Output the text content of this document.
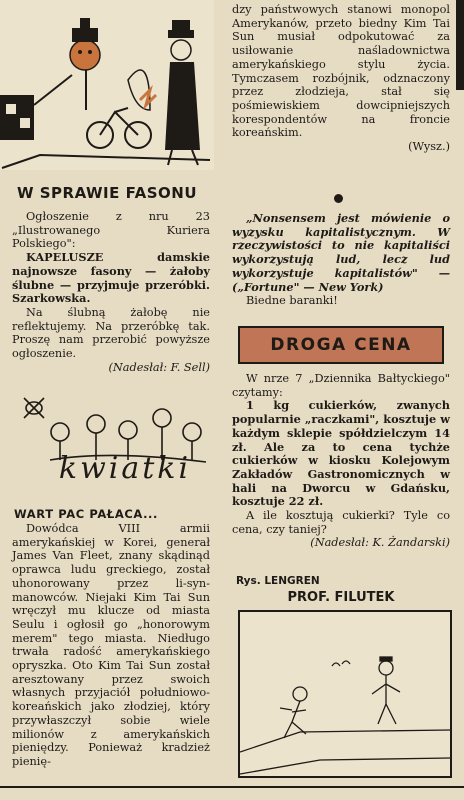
W SPRAWIE FASONU

Ogłoszenie z nru 23 „Ilustrowanego Kuriera Polskiego":

KAPELUSZE damskie najnowsze fasony — żałoby ślubne — przyjmuje przeróbki. Szarkowska.

Na ślubną żałobę nie reflektujemy. Na przeróbkę tak. Proszę nam przerobić powyższe ogłoszenie.

(Nadesłał: F. Sell)

kwiatki
WART PAC PAŁACA...

Dowódca VIII armii amerykańskiej w Korei, generał James Van Fleet, znany skądinąd oprawca ludu greckiego, został uhonorowany przez li-syn-manowców. Niejaki Kim Tai Sun wręczył mu klucze od miasta Seulu i ogłosił go „honorowym merem" tego miasta. Niedługo trwała radość amerykańskiego opryszka. Oto Kim Tai Sun został aresztowany przez swoich własnych przyjaciół południowo-koreańskich jako złodziej, który przywłaszczył sobie wiele milionów z amerykańskich pieniędzy. Ponieważ kradzież pienię-

dzy państwowych stanowi monopol Amerykanów, przeto biedny Kim Tai Sun musiał odpokutować za usiłowanie naśladownictwa amerykańskiego stylu życia. Tymczasem rozbójnik, odznaczony przez złodzieja, stał się pośmiewiskiem dowcipniejszych korespondentów na froncie koreańskim.

(Wysz.)

„Nonsensem jest mówienie o wyzysku kapitalistycznym. W rzeczywistości to nie kapitaliści wykorzystują lud, lecz lud wykorzystuje kapitalistów" — („Fortune" — New York)

Biedne baranki!

DROGA CENA

W nrze 7 „Dziennika Bałtyckiego" czytamy:

1 kg cukierków, zwanych popularnie „raczkami", kosztuje w każdym sklepie spółdzielczym 14 zł. Ale za to cena tychże cukierków w kiosku Kolejowym Zakładów Gastronomicznych w hali na Dworcu w Gdańsku, kosztuje 22 zł.

A ile kosztują cukierki? Tyle co cena, czy taniej?

(Nadesłał: K. Żandarski)

Rys. LENGREN
PROF. FILUTEK
